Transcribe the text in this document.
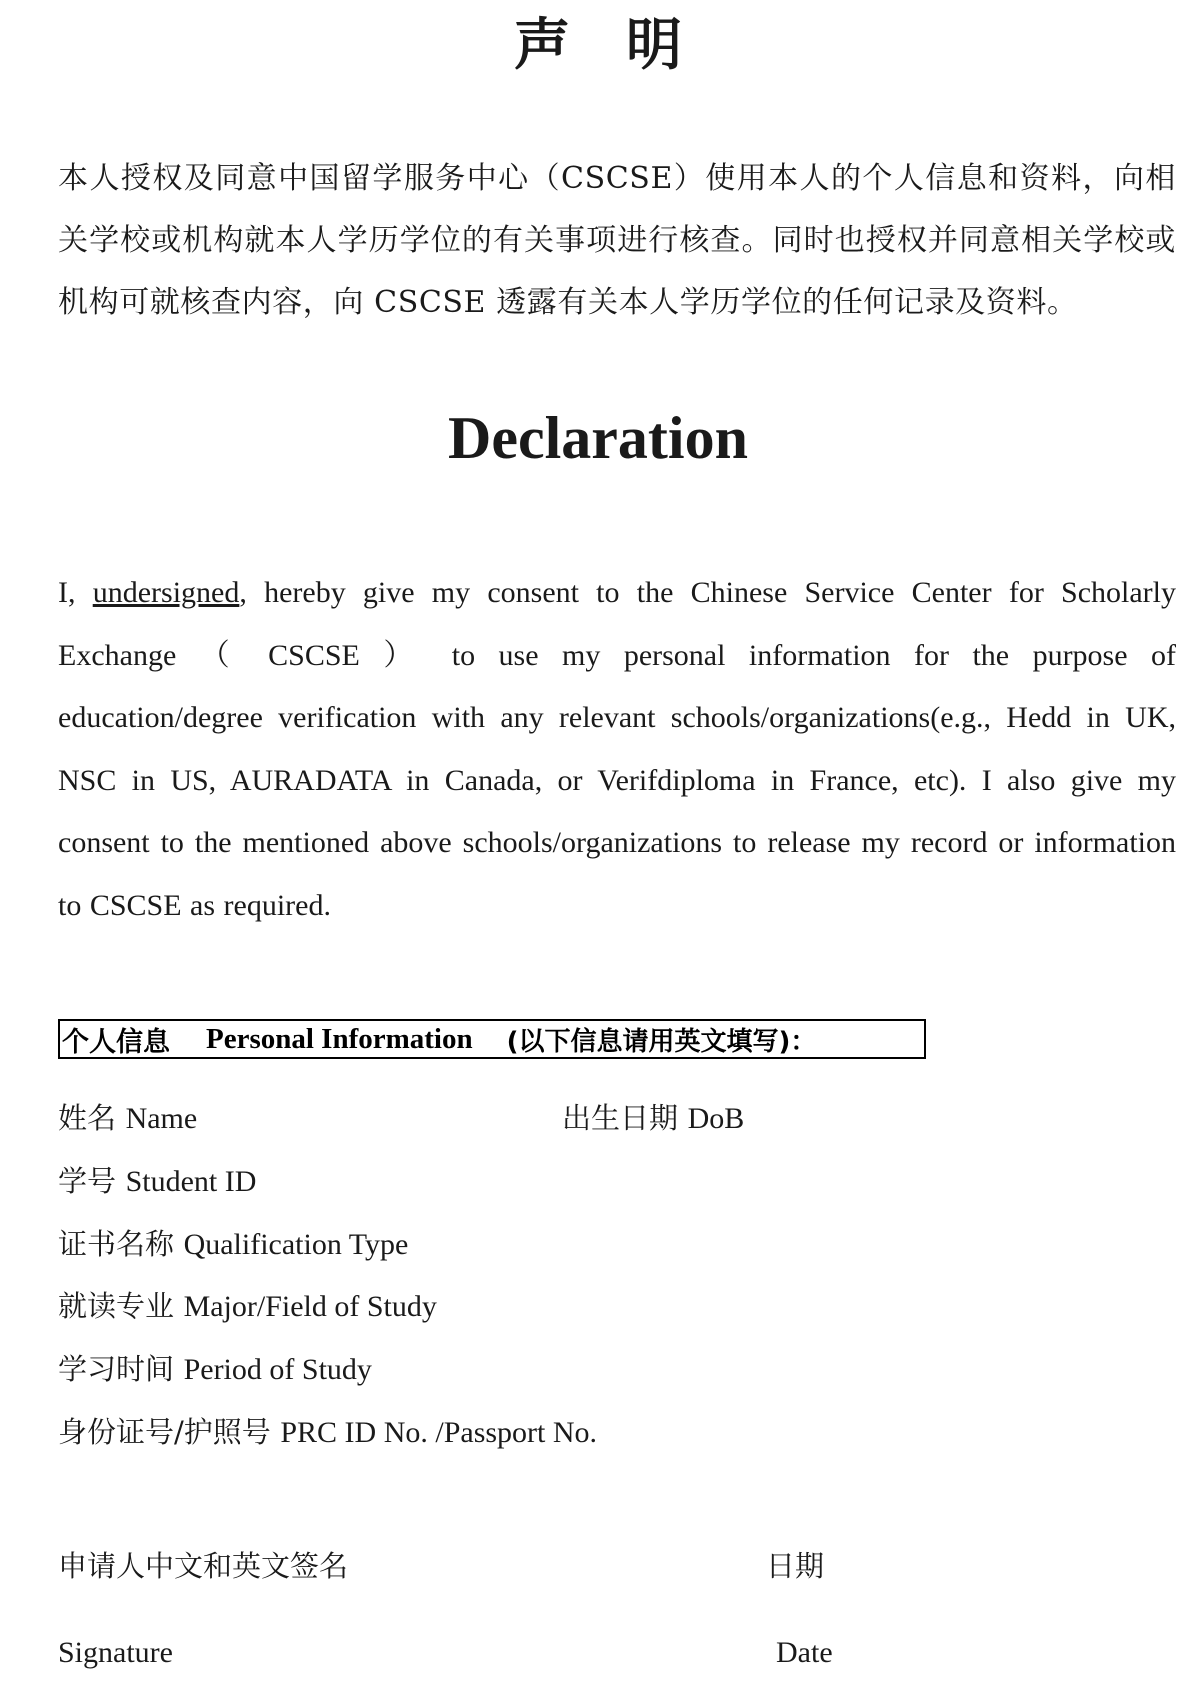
声明

本人授权及同意中国留学服务中心（CSCSE）使用本人的个人信息和资料，向相关学校或机构就本人学历学位的有关事项进行核查。同时也授权并同意相关学校或机构可就核查内容，向 CSCSE 透露有关本人学历学位的任何记录及资料。

Declaration

I, undersigned, hereby give my consent to the Chinese Service Center for Scholarly Exchange （ CSCSE ） to use my personal information for the purpose of education/degree verification with any relevant schools/organizations(e.g., Hedd in UK, NSC in US, AURADATA in Canada, or Verifdiploma in France, etc). I also give my consent to the mentioned above schools/organizations to release my record or information to CSCSE as required.

个人信息 Personal Information (以下信息请用英文填写)：
姓名 Name	出生日期 DoB
学号 Student ID
证书名称 Qualification Type
就读专业 Major/Field of Study
学习时间 Period of Study
身份证号/护照号 PRC ID No. /Passport No.
申请人中文和英文签名	日期
Signature	Date
